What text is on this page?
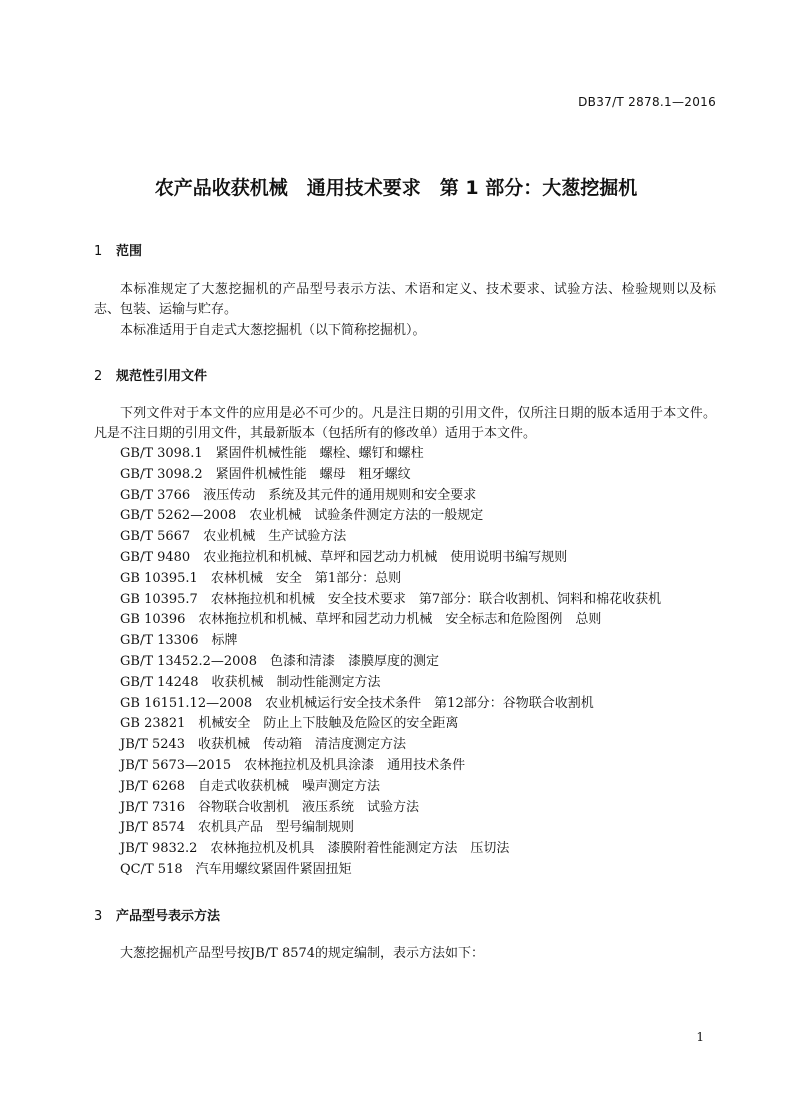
DB37/T 2878.1—2016
农产品收获机械　通用技术要求　第 1 部分：大葱挖掘机
1 范围
本标准规定了大葱挖掘机的产品型号表示方法、术语和定义、技术要求、试验方法、检验规则以及标志、包装、运输与贮存。
本标准适用于自走式大葱挖掘机（以下简称挖掘机）。
2 规范性引用文件
下列文件对于本文件的应用是必不可少的。凡是注日期的引用文件，仅所注日期的版本适用于本文件。凡是不注日期的引用文件，其最新版本（包括所有的修改单）适用于本文件。
GB/T 3098.1　紧固件机械性能　螺栓、螺钉和螺柱
GB/T 3098.2　紧固件机械性能　螺母　粗牙螺纹
GB/T 3766　液压传动　系统及其元件的通用规则和安全要求
GB/T 5262—2008　农业机械　试验条件测定方法的一般规定
GB/T 5667　农业机械　生产试验方法
GB/T 9480　农业拖拉机和机械、草坪和园艺动力机械　使用说明书编写规则
GB 10395.1　农林机械　安全　第1部分：总则
GB 10395.7　农林拖拉机和机械　安全技术要求　第7部分：联合收割机、饲料和棉花收获机
GB 10396　农林拖拉机和机械、草坪和园艺动力机械　安全标志和危险图例　总则
GB/T 13306　标牌
GB/T 13452.2—2008　色漆和清漆　漆膜厚度的测定
GB/T 14248　收获机械　制动性能测定方法
GB 16151.12—2008　农业机械运行安全技术条件　第12部分：谷物联合收割机
GB 23821　机械安全　防止上下肢触及危险区的安全距离
JB/T 5243　收获机械　传动箱　清洁度测定方法
JB/T 5673—2015　农林拖拉机及机具涂漆　通用技术条件
JB/T 6268　自走式收获机械　噪声测定方法
JB/T 7316　谷物联合收割机　液压系统　试验方法
JB/T 8574　农机具产品　型号编制规则
JB/T 9832.2　农林拖拉机及机具　漆膜附着性能测定方法　压切法
QC/T 518　汽车用螺纹紧固件紧固扭矩
3 产品型号表示方法
大葱挖掘机产品型号按JB/T 8574的规定编制，表示方法如下：
1
